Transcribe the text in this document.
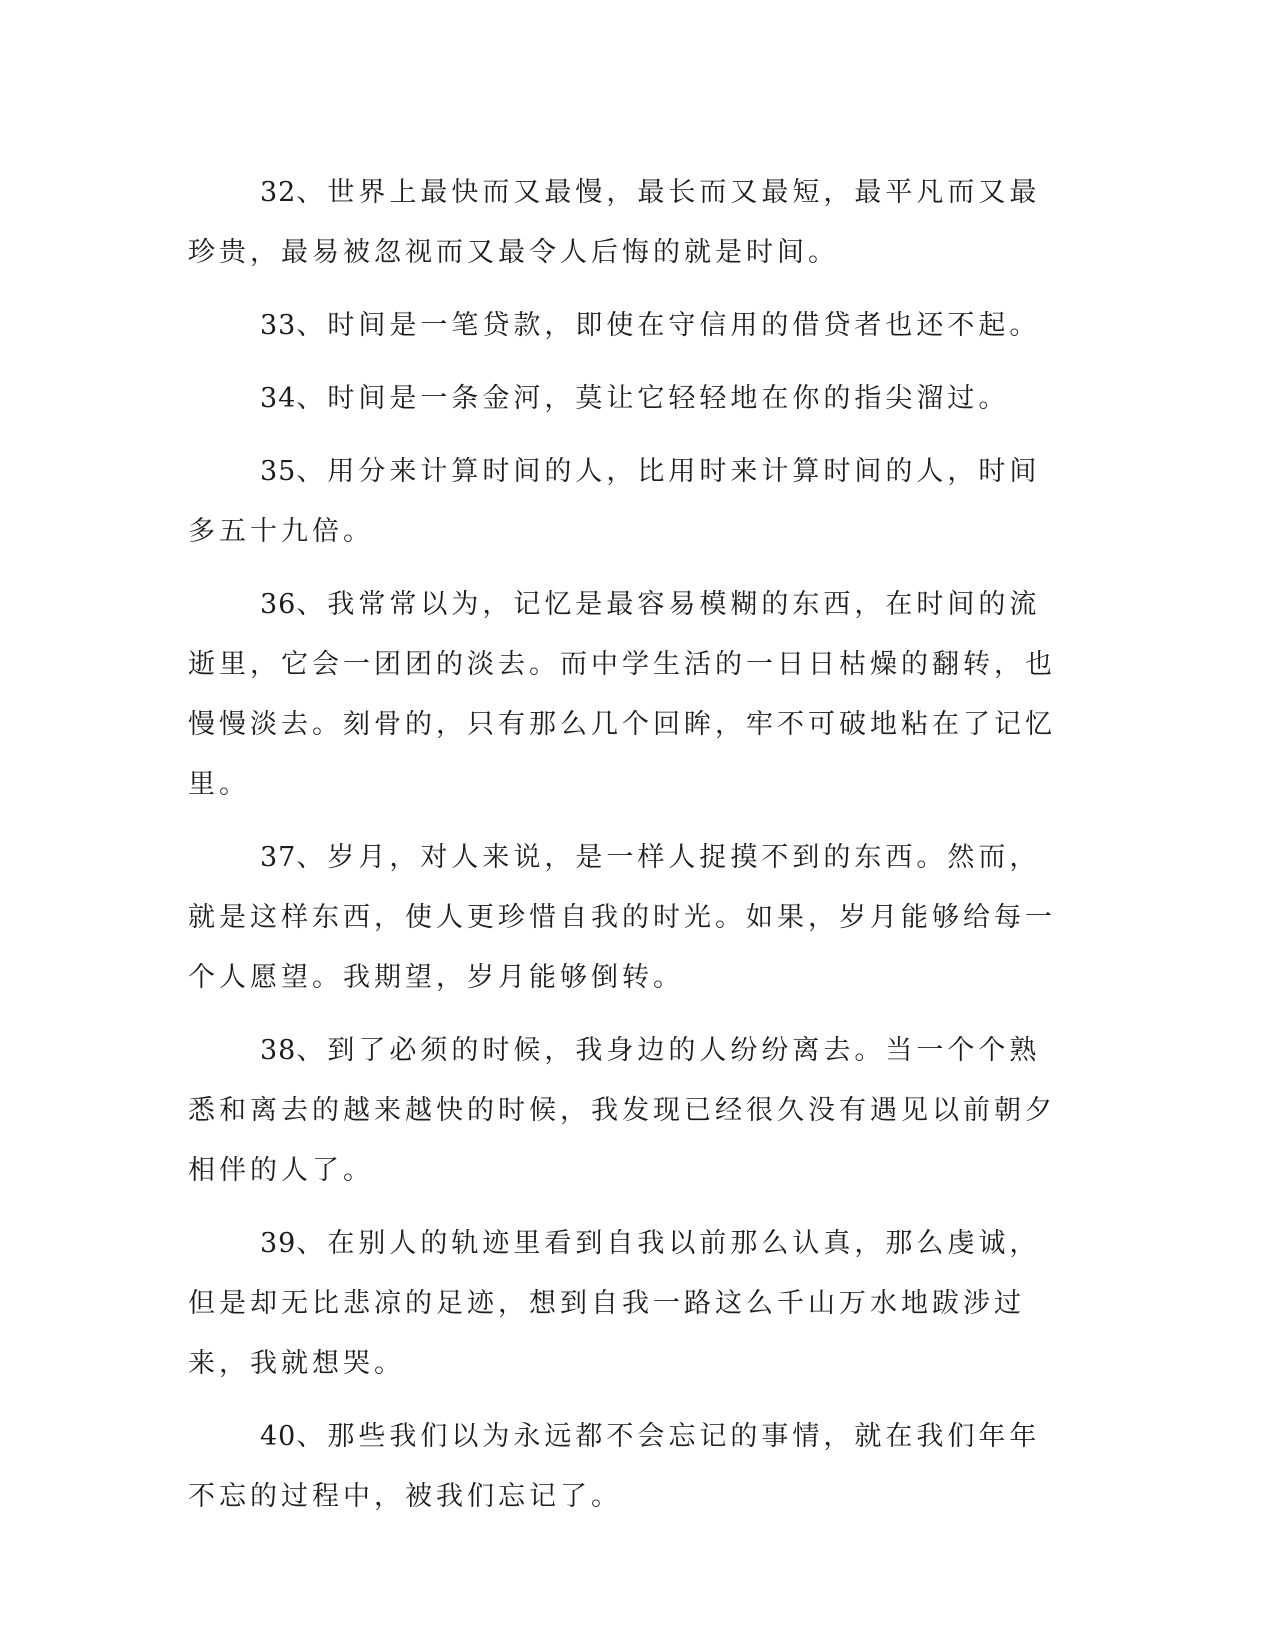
32、世界上最快而又最慢，最长而又最短，最平凡而又最珍贵，最易被忽视而又最令人后悔的就是时间。

33、时间是一笔贷款，即使在守信用的借贷者也还不起。

34、时间是一条金河，莫让它轻轻地在你的指尖溜过。

35、用分来计算时间的人，比用时来计算时间的人，时间多五十九倍。

36、我常常以为，记忆是最容易模糊的东西，在时间的流逝里，它会一团团的淡去。而中学生活的一日日枯燥的翻转，也慢慢淡去。刻骨的，只有那么几个回眸，牢不可破地粘在了记忆里。

37、岁月，对人来说，是一样人捉摸不到的东西。然而，就是这样东西，使人更珍惜自我的时光。如果，岁月能够给每一个人愿望。我期望，岁月能够倒转。

38、到了必须的时候，我身边的人纷纷离去。当一个个熟悉和离去的越来越快的时候，我发现已经很久没有遇见以前朝夕相伴的人了。

39、在别人的轨迹里看到自我以前那么认真，那么虔诚，但是却无比悲凉的足迹，想到自我一路这么千山万水地跋涉过来，我就想哭。

40、那些我们以为永远都不会忘记的事情，就在我们年年不忘的过程中，被我们忘记了。
